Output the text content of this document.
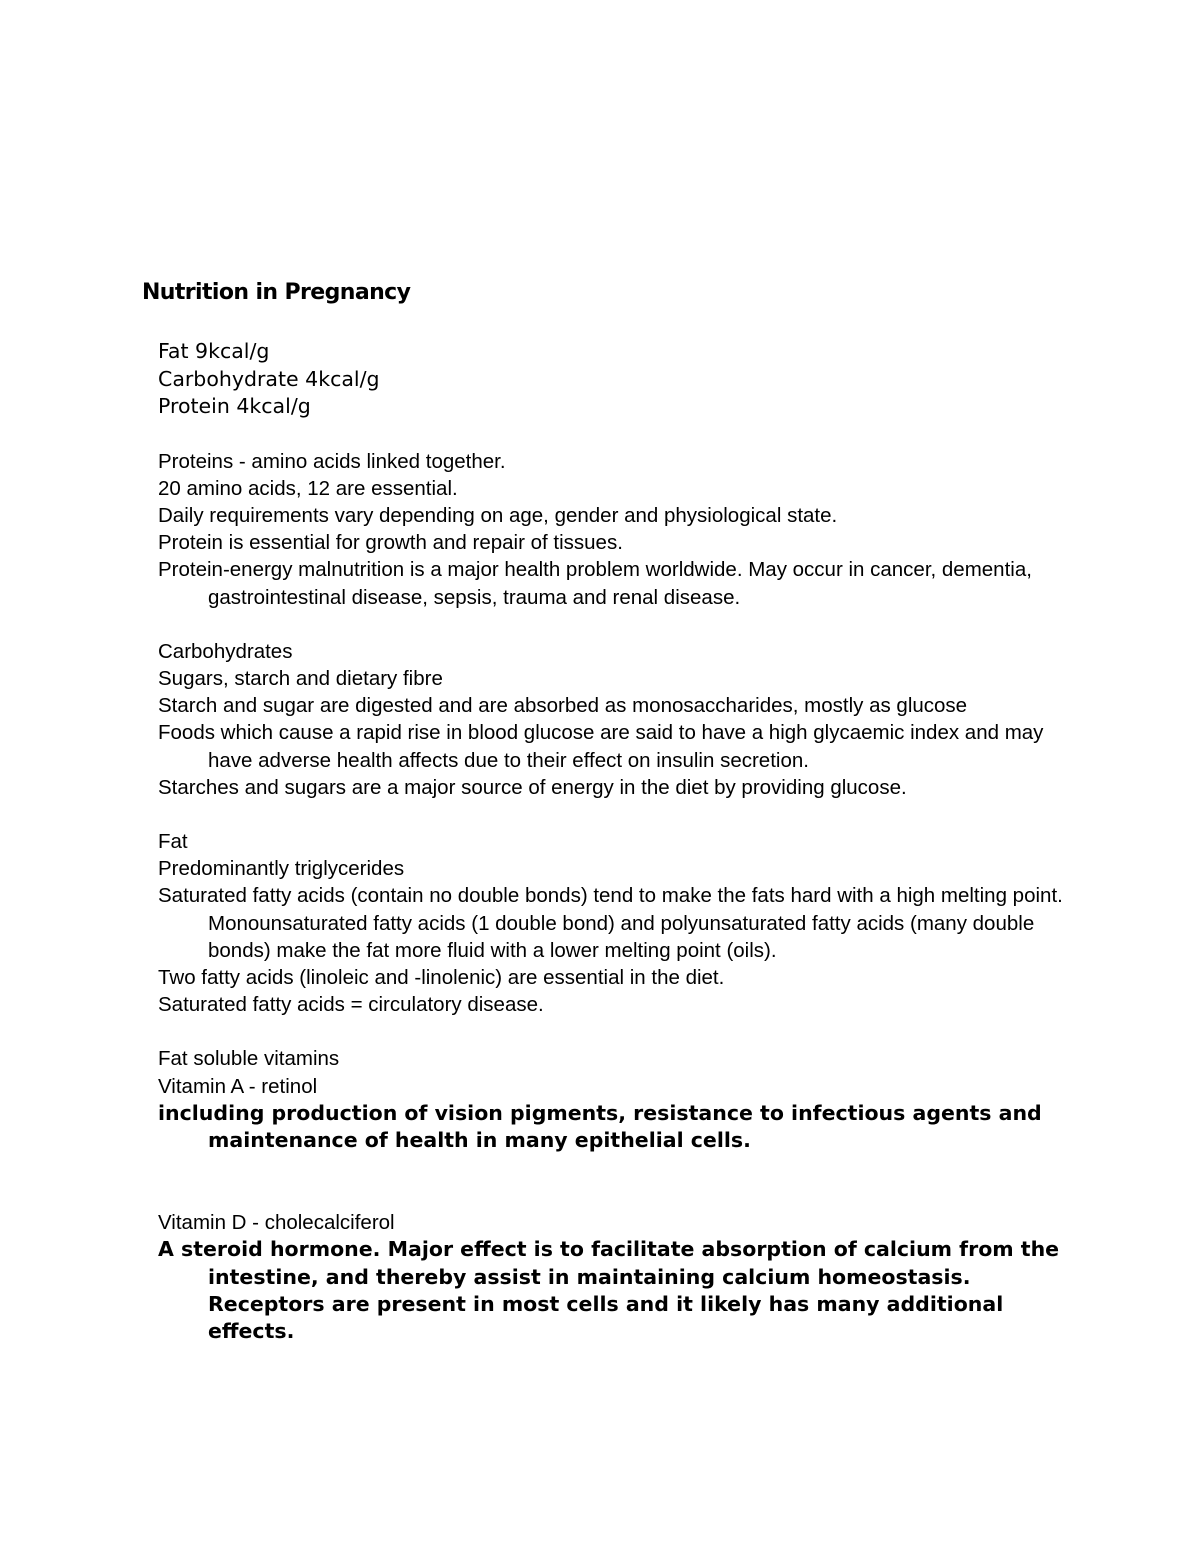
Nutrition in Pregnancy

Fat 9kcal/g

Carbohydrate 4kcal/g

Protein 4kcal/g

Proteins - amino acids linked together.

20 amino acids, 12 are essential.

Daily requirements vary depending on age, gender and physiological state.

Protein is essential for growth and repair of tissues.

Protein-energy malnutrition is a major health problem worldwide. May occur in cancer, dementia, gastrointestinal disease, sepsis, trauma and renal disease.

Carbohydrates

Sugars, starch and dietary fibre

Starch and sugar are digested and are absorbed as monosaccharides, mostly as glucose

Foods which cause a rapid rise in blood glucose are said to have a high glycaemic index and may have adverse health affects due to their effect on insulin secretion.

Starches and sugars are a major source of energy in the diet by providing glucose.

Fat

Predominantly triglycerides

Saturated fatty acids (contain no double bonds) tend to make the fats hard with a high melting point. Monounsaturated fatty acids (1 double bond) and polyunsaturated fatty acids (many double bonds) make the fat more fluid with a lower melting point (oils).

Two fatty acids (linoleic and -linolenic) are essential in the diet.

Saturated fatty acids = circulatory disease.

Fat soluble vitamins

Vitamin A - retinol

including production of vision pigments, resistance to infectious agents and maintenance of health in many epithelial cells.

Vitamin D - cholecalciferol

A steroid hormone. Major effect is to facilitate absorption of calcium from the intestine, and thereby assist in maintaining calcium homeostasis. Receptors are present in most cells and it likely has many additional effects.
